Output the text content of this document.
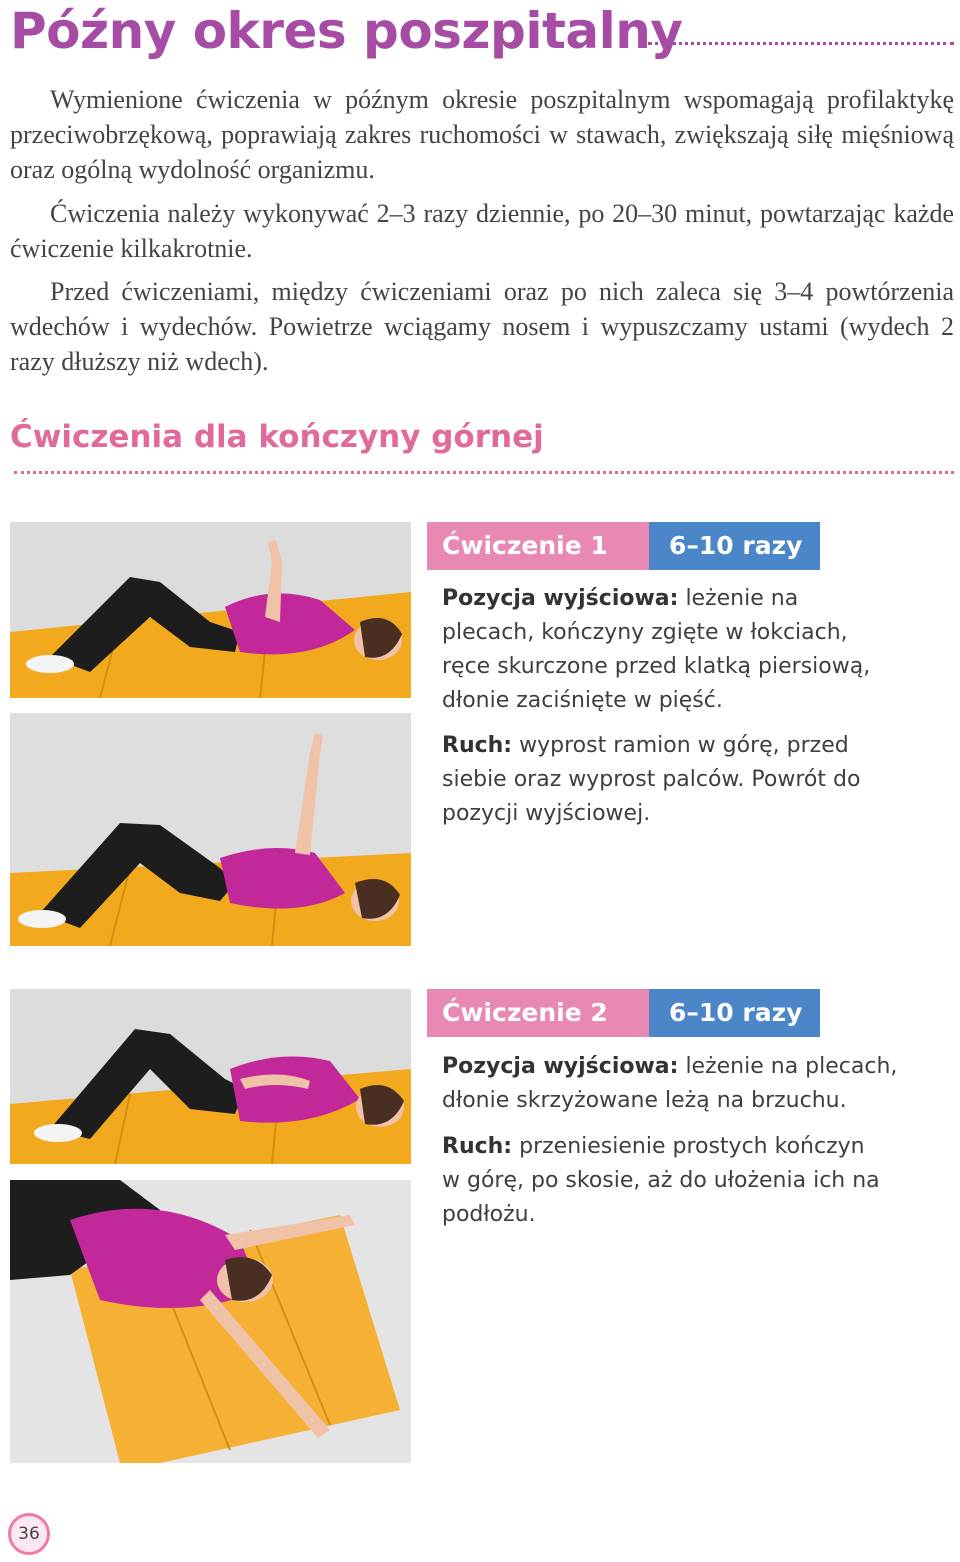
Późny okres poszpitalny

Wymienione ćwiczenia w późnym okresie poszpitalnym wspomagają profilaktykę przeciwobrzękową, poprawiają zakres ruchomości w stawach, zwiększają siłę mięśniową oraz ogólną wydolność organizmu.

Ćwiczenia należy wykonywać 2–3 razy dziennie, po 20–30 minut, powtarzając każde ćwiczenie kilkakrotnie.

Przed ćwiczeniami, między ćwiczeniami oraz po nich zaleca się 3–4 powtórzenia wdechów i wydechów. Powietrze wciągamy nosem i wypuszczamy ustami (wydech 2 razy dłuższy niż wdech).

Ćwiczenia dla kończyny górnej
Ćwiczenie 1	6–10 razy

Pozycja wyjściowa: leżenie na plecach, kończyny zgięte w łokciach, ręce skurczone przed klatką piersiową, dłonie zaciśnięte w pięść.

Ruch: wyprost ramion w górę, przed siebie oraz wyprost palców. Powrót do pozycji wyjściowej.

Ćwiczenie 2	6–10 razy

Pozycja wyjściowa: leżenie na plecach, dłonie skrzyżowane leżą na brzuchu.

Ruch: przeniesienie prostych kończyn w górę, po skosie, aż do ułożenia ich na podłożu.

36
